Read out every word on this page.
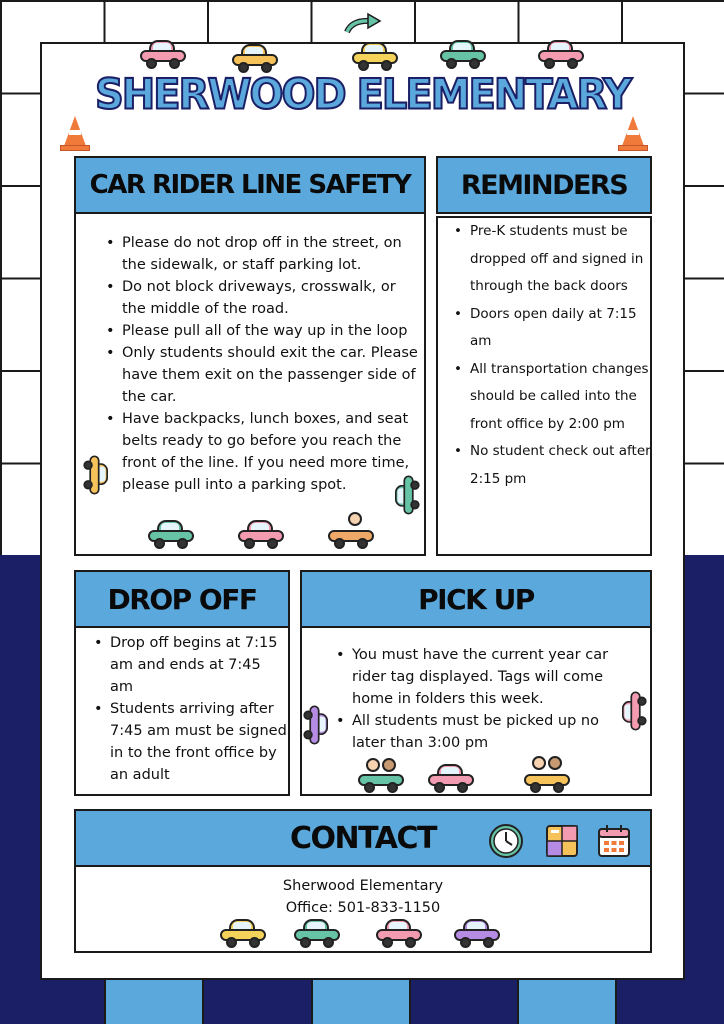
SHERWOOD ELEMENTARY
CAR RIDER LINE SAFETY
• Please do not drop off in the street, on the sidewalk, or staff parking lot.
• Do not block driveways, crosswalk, or the middle of the road.
• Please pull all of the way up in the loop
• Only students should exit the car. Please have them exit on the passenger side of the car.
• Have backpacks, lunch boxes, and seat belts ready to go before you reach the front of the line. If you need more time, please pull into a parking spot.
REMINDERS
• Pre-K students must be dropped off and signed in through the back doors
• Doors open daily at 7:15 am
• All transportation changes should be called into the front office by 2:00 pm
• No student check out after 2:15 pm
DROP OFF
• Drop off begins at 7:15 am and ends at 7:45 am
• Students arriving after 7:45 am must be signed in to the front office by an adult
PICK UP
• You must have the current year car rider tag displayed. Tags will come home in folders this week.
• All students must be picked up no later than 3:00 pm
CONTACT
Sherwood Elementary
Office: 501-833-1150
